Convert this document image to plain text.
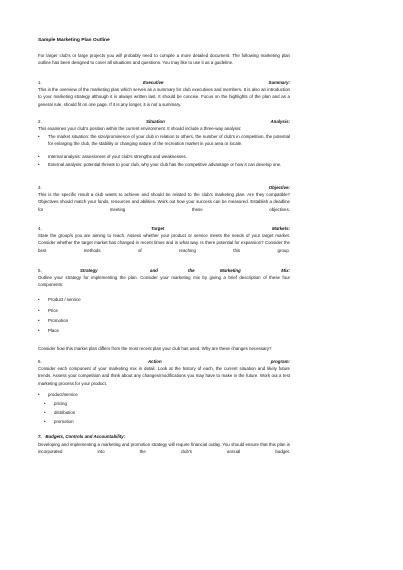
Sample Marketing Plan Outline
For larger club's or large projects you will probably need to compile a more detailed document. The following marketing plan outline has been designed to cover all situations and questions. You may like to use it as a guideline.
1.	Executive	Summary:
This is the overview of the marketing plan which serves as a summary for club executives and members. It is also an introduction to your marketing strategy although it is always written last. It should be concise. Focus on the highlights of the plan and as a general rule, should fit on one page. If it is any longer, it is not a summary.
2.	Situation	Analysis:
This examines your club's position within the current environment. It should include a three-way analysis:
• The market situation: the size/prominence of your club in relation to others, the number of club's in competition, the potential for enlarging the club, the stability or changing nature of the recreation market in your area or locale.
• Internal analysis: assessment of your club's strengths and weaknesses.
• External analysis: potential threats to your club, why your club has the competitive advantage or how it can develop one.
3.	Objective:
This is the specific result a club wants to achieve and should be related to the club's marketing plan. Are they compatible? Objectives should match your funds, resources and abilities. Work out how your success can be measured. Establish a deadline for meeting these objectives.
4.	Target	Markets:
State the group/s you are aiming to reach. Assess whether your product or service meets the needs of your target market. Consider whether the target market has changed in recent times and in what way. Is there potential for expansion? Consider the best methods of reaching this group.
5.	Strategy	and	the	Marketing	Mix:
Outline your strategy for implementing the plan. Consider your marketing mix by giving a brief description of these four components:
• Product / service
• Price
• Promotion
• Place
Consider how this market plan differs from the most recent plan your club has used. Why are these changes necessary?
6.	Action	program:
Consider each component of your marketing mix in detail. Look at the history of each, the current situation and likely future trends. Assess your competition and think about any changes/modifications you may have to make in the future. Work out a test marketing process for your product.
• product/service
• pricing
• distribution
• promotion
7.   Budgets, Controls and Accountability:
Developing and implementing a marketing and promotion strategy will require financial outlay. You should ensure that this plan is incorporated into the club's annual budget.
